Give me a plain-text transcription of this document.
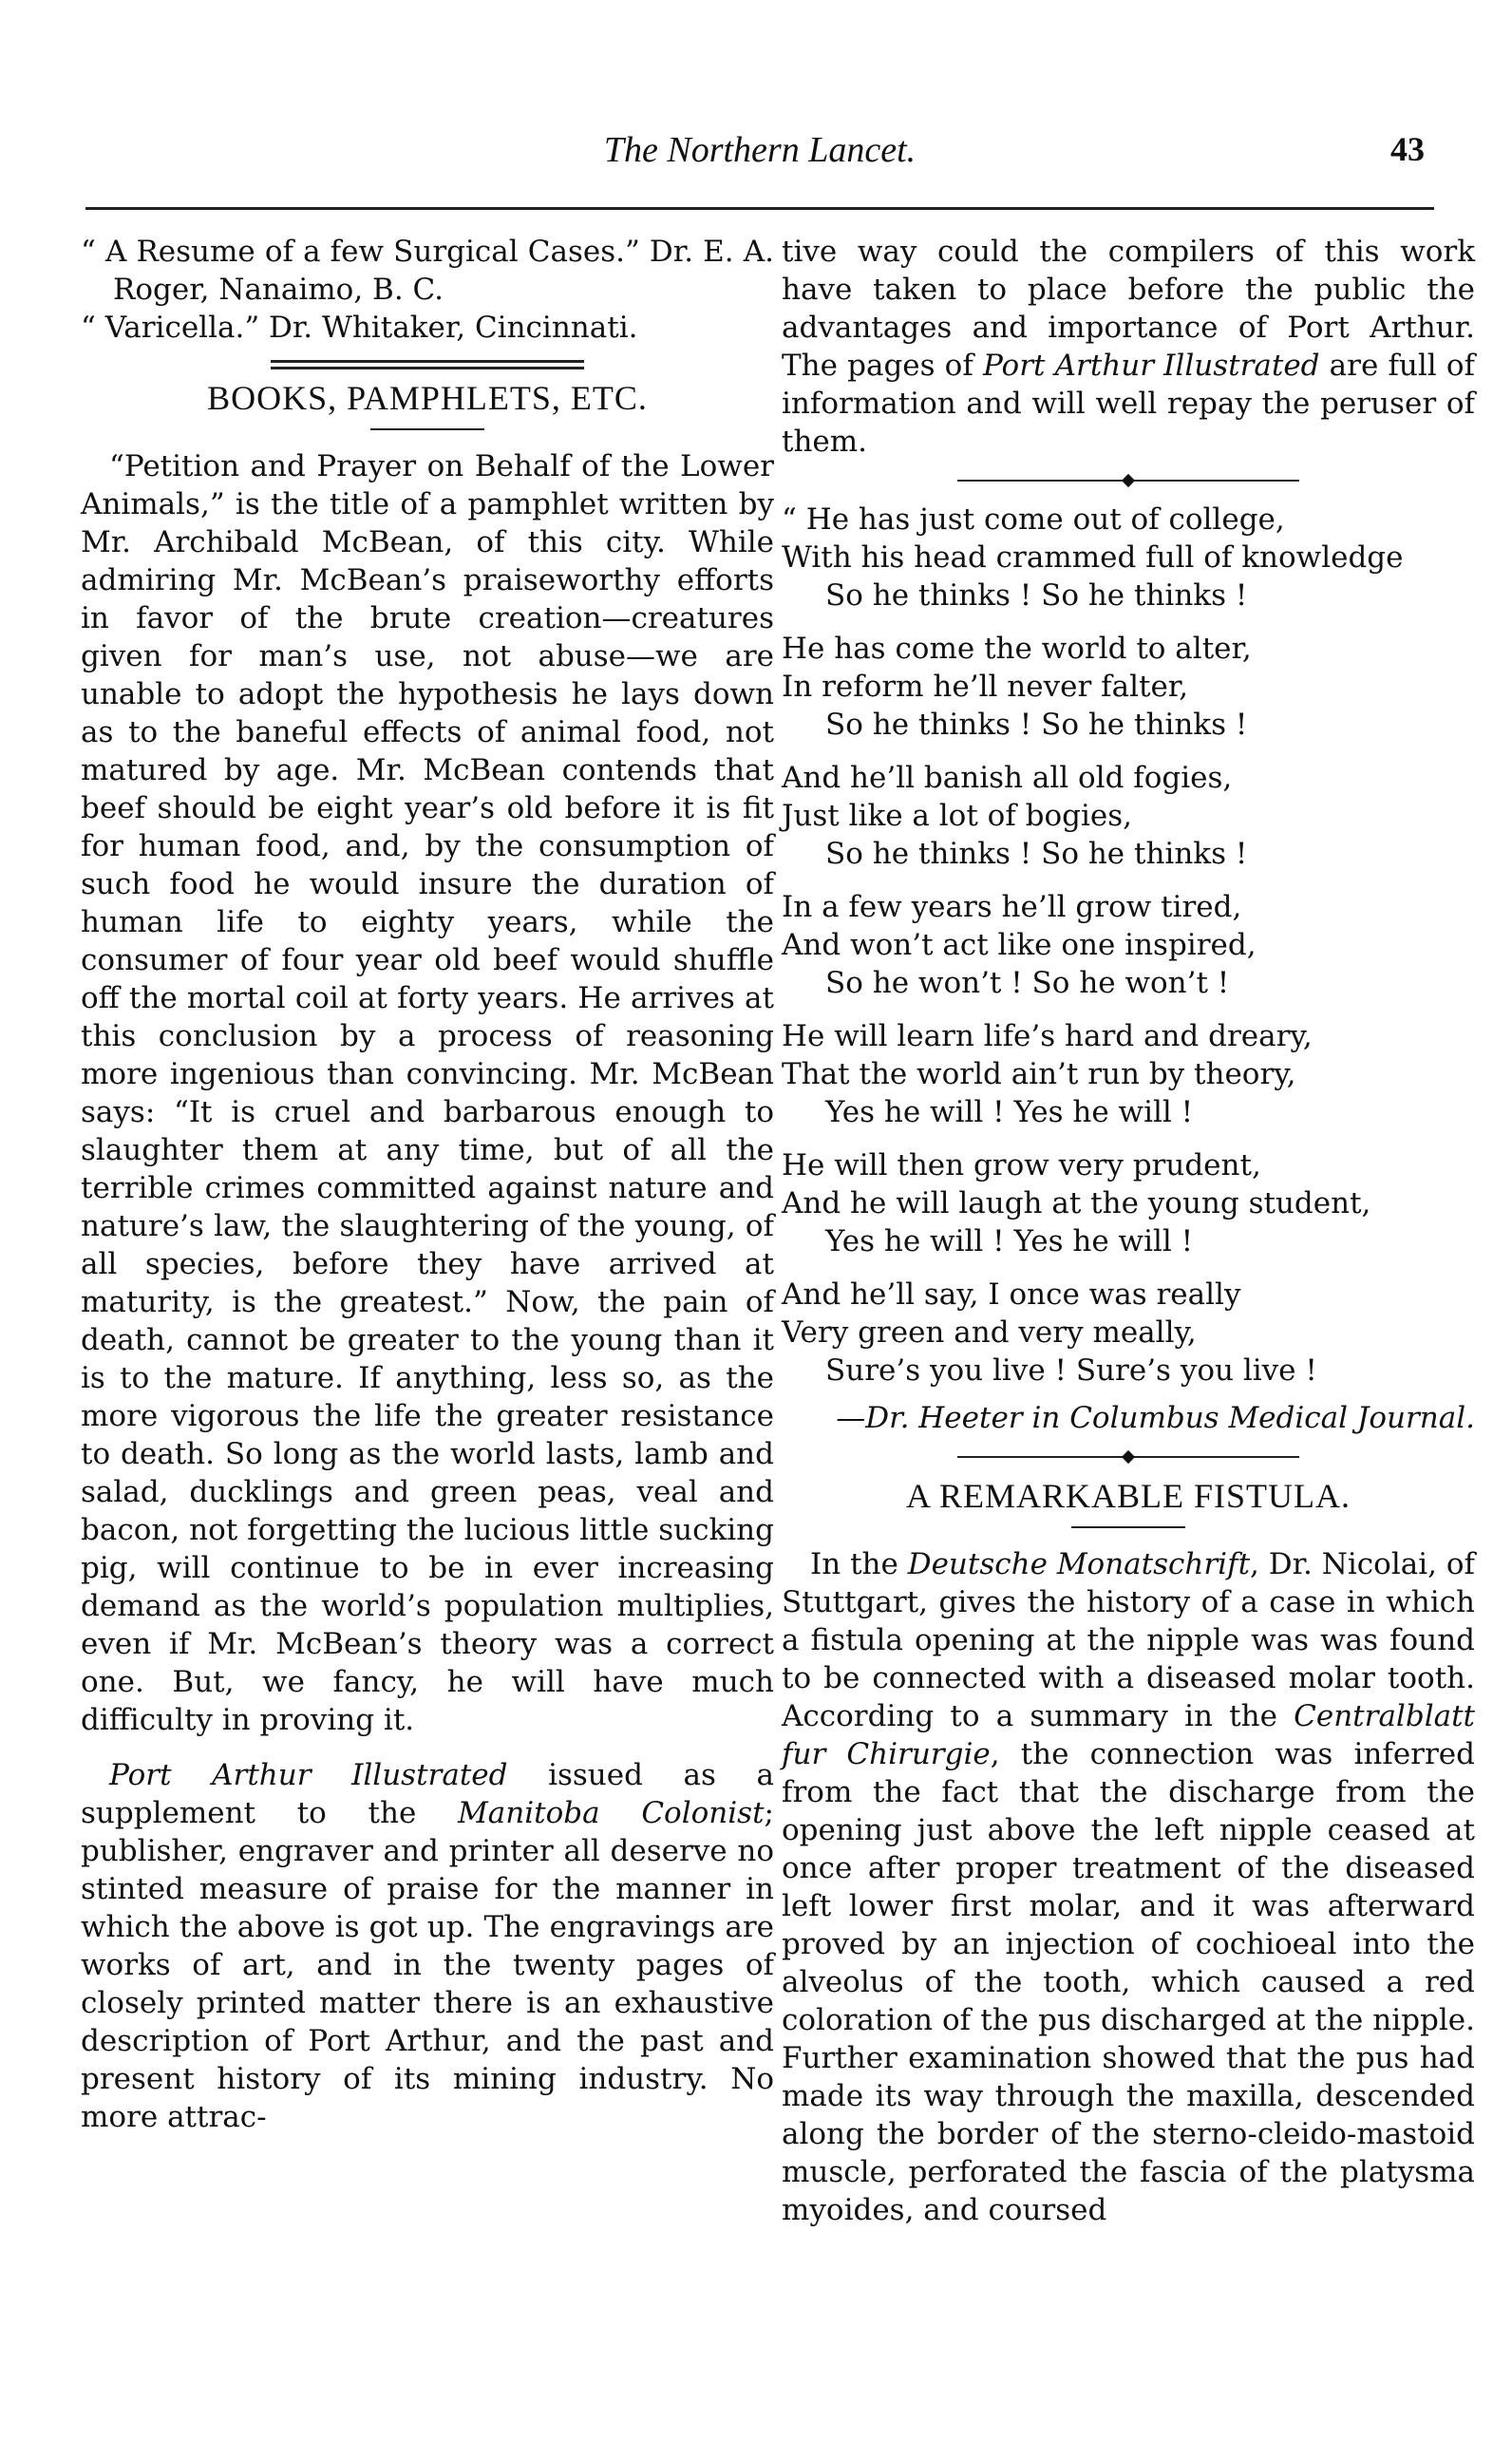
The Northern Lancet.	43

“ A Resume of a few Surgical Cases.” Dr. E. A. Roger, Nanaimo, B. C.

“ Varicella.” Dr. Whitaker, Cincinnati.

BOOKS, PAMPHLETS, ETC.

“Petition and Prayer on Behalf of the Lower Animals,” is the title of a pamphlet written by Mr. Archibald McBean, of this city. While admiring Mr. McBean’s praiseworthy efforts in favor of the brute creation—creatures given for man’s use, not abuse—we are unable to adopt the hypothesis he lays down as to the baneful effects of animal food, not matured by age. Mr. McBean contends that beef should be eight year’s old before it is fit for human food, and, by the consumption of such food he would insure the duration of human life to eighty years, while the consumer of four year old beef would shuffle off the mortal coil at forty years. He arrives at this conclusion by a process of reasoning more ingenious than convincing. Mr. McBean says: “It is cruel and barbarous enough to slaughter them at any time, but of all the terrible crimes committed against nature and nature’s law, the slaughtering of the young, of all species, before they have arrived at maturity, is the greatest.” Now, the pain of death, cannot be greater to the young than it is to the mature. If anything, less so, as the more vigorous the life the greater resistance to death. So long as the world lasts, lamb and salad, ducklings and green peas, veal and bacon, not forgetting the lucious little sucking pig, will continue to be in ever increasing demand as the world’s population multiplies, even if Mr. McBean’s theory was a correct one. But, we fancy, he will have much difficulty in proving it.

Port Arthur Illustrated issued as a supplement to the Manitoba Colonist; publisher, engraver and printer all deserve no stinted measure of praise for the manner in which the above is got up. The engravings are works of art, and in the twenty pages of closely printed matter there is an exhaustive description of Port Arthur, and the past and present history of its mining industry. No more attrac-

tive way could the compilers of this work have taken to place before the public the advantages and importance of Port Arthur. The pages of Port Arthur Illustrated are full of information and will well repay the peruser of them.

“ He has just come out of college,
With his head crammed full of knowledge
So he thinks ! So he thinks !
He has come the world to alter,
In reform he’ll never falter,
So he thinks ! So he thinks !
And he’ll banish all old fogies,
Just like a lot of bogies,
So he thinks ! So he thinks !
In a few years he’ll grow tired,
And won’t act like one inspired,
So he won’t ! So he won’t !
He will learn life’s hard and dreary,
That the world ain’t run by theory,
Yes he will ! Yes he will !
He will then grow very prudent,
And he will laugh at the young student,
Yes he will ! Yes he will !
And he’ll say, I once was really
Very green and very meally,
Sure’s you live ! Sure’s you live !
—Dr. Heeter in Columbus Medical Journal.
A REMARKABLE FISTULA.

In the Deutsche Monatschrift, Dr. Nicolai, of Stuttgart, gives the history of a case in which a fistula opening at the nipple was was found to be connected with a diseased molar tooth. According to a summary in the Centralblatt fur Chirurgie, the connection was inferred from the fact that the discharge from the opening just above the left nipple ceased at once after proper treatment of the diseased left lower first molar, and it was afterward proved by an injection of cochioeal into the alveolus of the tooth, which caused a red coloration of the pus discharged at the nipple. Further examination showed that the pus had made its way through the maxilla, descended along the border of the sterno-cleido-mastoid muscle, perforated the fascia of the platysma myoides, and coursed
